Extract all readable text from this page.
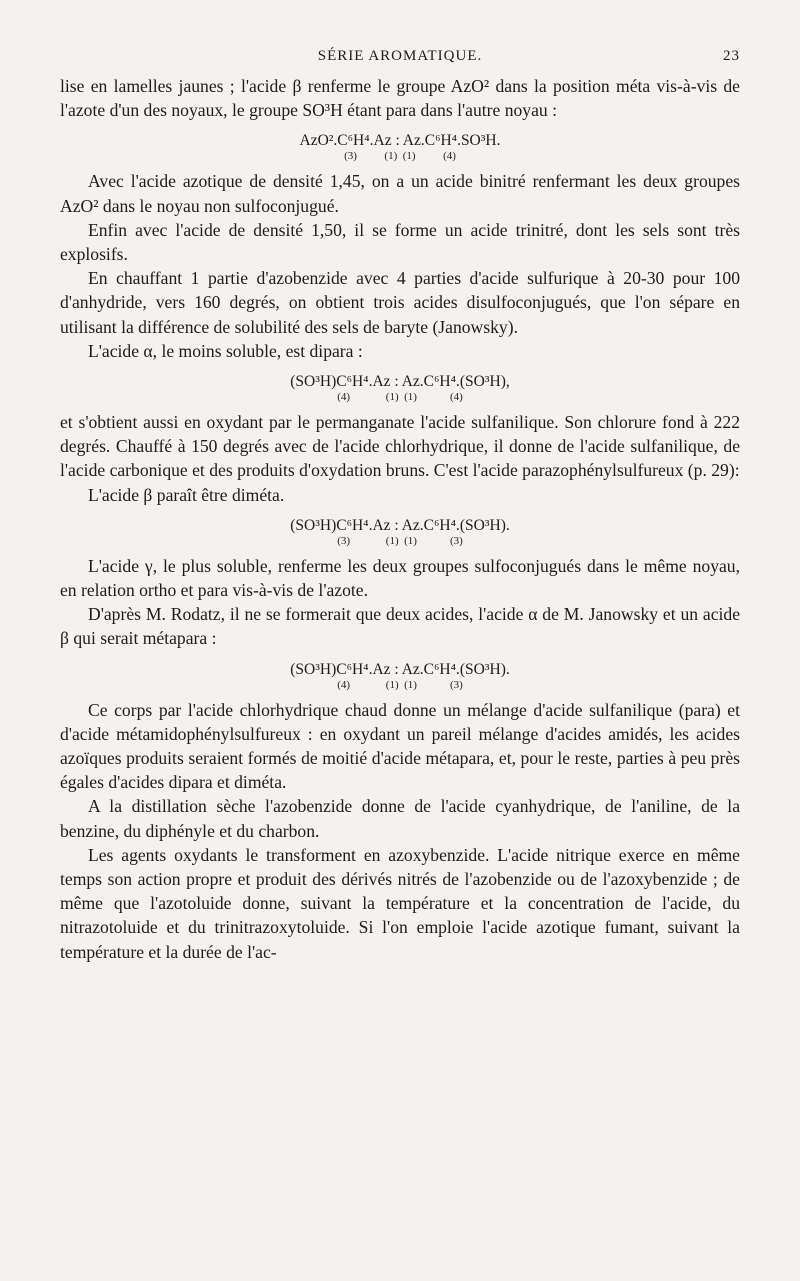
SÉRIE AROMATIQUE.	23

lise en lamelles jaunes ; l'acide β renferme le groupe AzO² dans la position méta vis-à-vis de l'azote d'un des noyaux, le groupe SO³H étant para dans l'autre noyau :

AzO².C⁶H⁴.Az : Az.C⁶H⁴.SO³H.
(3)          (1)  (1)          (4)

Avec l'acide azotique de densité 1,45, on a un acide binitré renfermant les deux groupes AzO² dans le noyau non sulfoconjugué.

Enfin avec l'acide de densité 1,50, il se forme un acide trinitré, dont les sels sont très explosifs.

En chauffant 1 partie d'azobenzide avec 4 parties d'acide sulfurique à 20-30 pour 100 d'anhydride, vers 160 degrés, on obtient trois acides disulfoconjugués, que l'on sépare en utilisant la différence de solubilité des sels de baryte (Janowsky).

L'acide α, le moins soluble, est dipara :

(SO³H)C⁶H⁴.Az : Az.C⁶H⁴.(SO³H),
(4)             (1)  (1)            (4)

et s'obtient aussi en oxydant par le permanganate l'acide sulfanilique. Son chlorure fond à 222 degrés. Chauffé à 150 degrés avec de l'acide chlorhydrique, il donne de l'acide sulfanilique, de l'acide carbonique et des produits d'oxydation bruns. C'est l'acide parazophénylsulfureux (p. 29):

L'acide β paraît être diméta.

(SO³H)C⁶H⁴.Az : Az.C⁶H⁴.(SO³H).
(3)             (1)  (1)            (3)

L'acide γ, le plus soluble, renferme les deux groupes sulfoconjugués dans le même noyau, en relation ortho et para vis-à-vis de l'azote.

D'après M. Rodatz, il ne se formerait que deux acides, l'acide α de M. Janowsky et un acide β qui serait métapara :

(SO³H)C⁶H⁴.Az : Az.C⁶H⁴.(SO³H).
(4)             (1)  (1)            (3)

Ce corps par l'acide chlorhydrique chaud donne un mélange d'acide sulfanilique (para) et d'acide métamidophénylsulfureux : en oxydant un pareil mélange d'acides amidés, les acides azoïques produits seraient formés de moitié d'acide métapara, et, pour le reste, parties à peu près égales d'acides dipara et diméta.

A la distillation sèche l'azobenzide donne de l'acide cyanhydrique, de l'aniline, de la benzine, du diphényle et du charbon.

Les agents oxydants le transforment en azoxybenzide. L'acide nitrique exerce en même temps son action propre et produit des dérivés nitrés de l'azobenzide ou de l'azoxybenzide ; de même que l'azotoluide donne, suivant la température et la concentration de l'acide, du nitrazotoluide et du trinitrazoxytoluide. Si l'on emploie l'acide azotique fumant, suivant la température et la durée de l'ac-
